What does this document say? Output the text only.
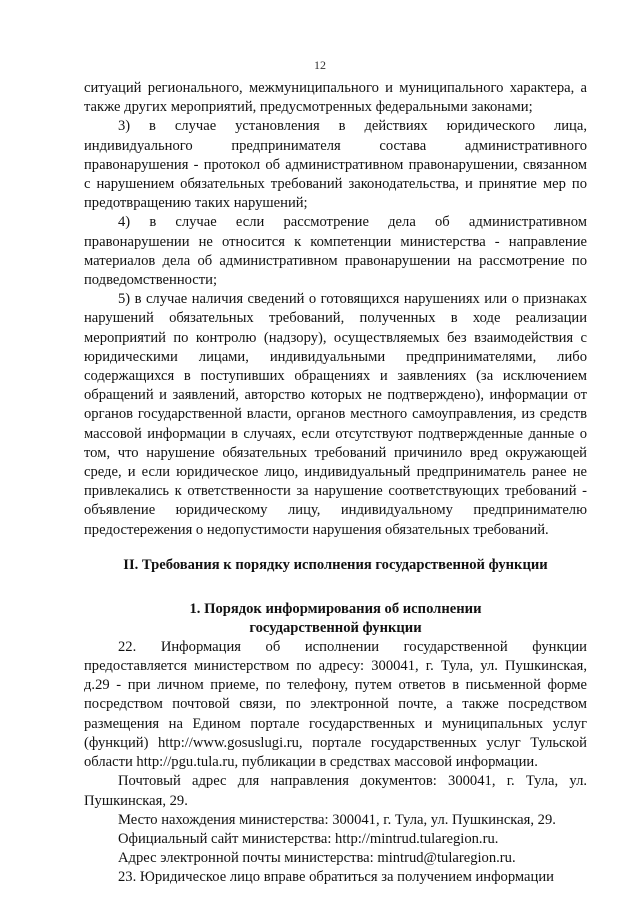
12

ситуаций регионального, межмуниципального и муниципального характера, а также других мероприятий, предусмотренных федеральными законами;

3) в случае установления в действиях юридического лица, индивидуального предпринимателя состава административного правонарушения - протокол об административном правонарушении, связанном с нарушением обязательных требований законодательства, и принятие мер по предотвращению таких нарушений;

4) в случае если рассмотрение дела об административном правонарушении не относится к компетенции министерства - направление материалов дела об административном правонарушении на рассмотрение по подведомственности;

5) в случае наличия сведений о готовящихся нарушениях или о признаках нарушений обязательных требований, полученных в ходе реализации мероприятий по контролю (надзору), осуществляемых без взаимодействия с юридическими лицами, индивидуальными предпринимателями, либо содержащихся в поступивших обращениях и заявлениях (за исключением обращений и заявлений, авторство которых не подтверждено), информации от органов государственной власти, органов местного самоуправления, из средств массовой информации в случаях, если отсутствуют подтвержденные данные о том, что нарушение обязательных требований причинило вред окружающей среде, и если юридическое лицо, индивидуальный предприниматель ранее не привлекались к ответственности за нарушение соответствующих требований - объявление юридическому лицу, индивидуальному предпринимателю предостережения о недопустимости нарушения обязательных требований.

II. Требования к порядку исполнения государственной функции
1. Порядок информирования об исполнении
государственной функции

22. Информация об исполнении государственной функции предоставляется министерством по адресу: 300041, г. Тула, ул. Пушкинская, д.29 - при личном приеме, по телефону, путем ответов в письменной форме посредством почтовой связи, по электронной почте, а также посредством размещения на Едином портале государственных и муниципальных услуг (функций) http://www.gosuslugi.ru, портале государственных услуг Тульской области http://pgu.tula.ru, публикации в средствах массовой информации.

Почтовый адрес для направления документов: 300041, г. Тула, ул. Пушкинская, 29.

Место нахождения министерства: 300041, г. Тула, ул. Пушкинская, 29.

Официальный сайт министерства: http://mintrud.tularegion.ru.

Адрес электронной почты министерства: mintrud@tularegion.ru.

23. Юридическое лицо вправе обратиться за получением информации
